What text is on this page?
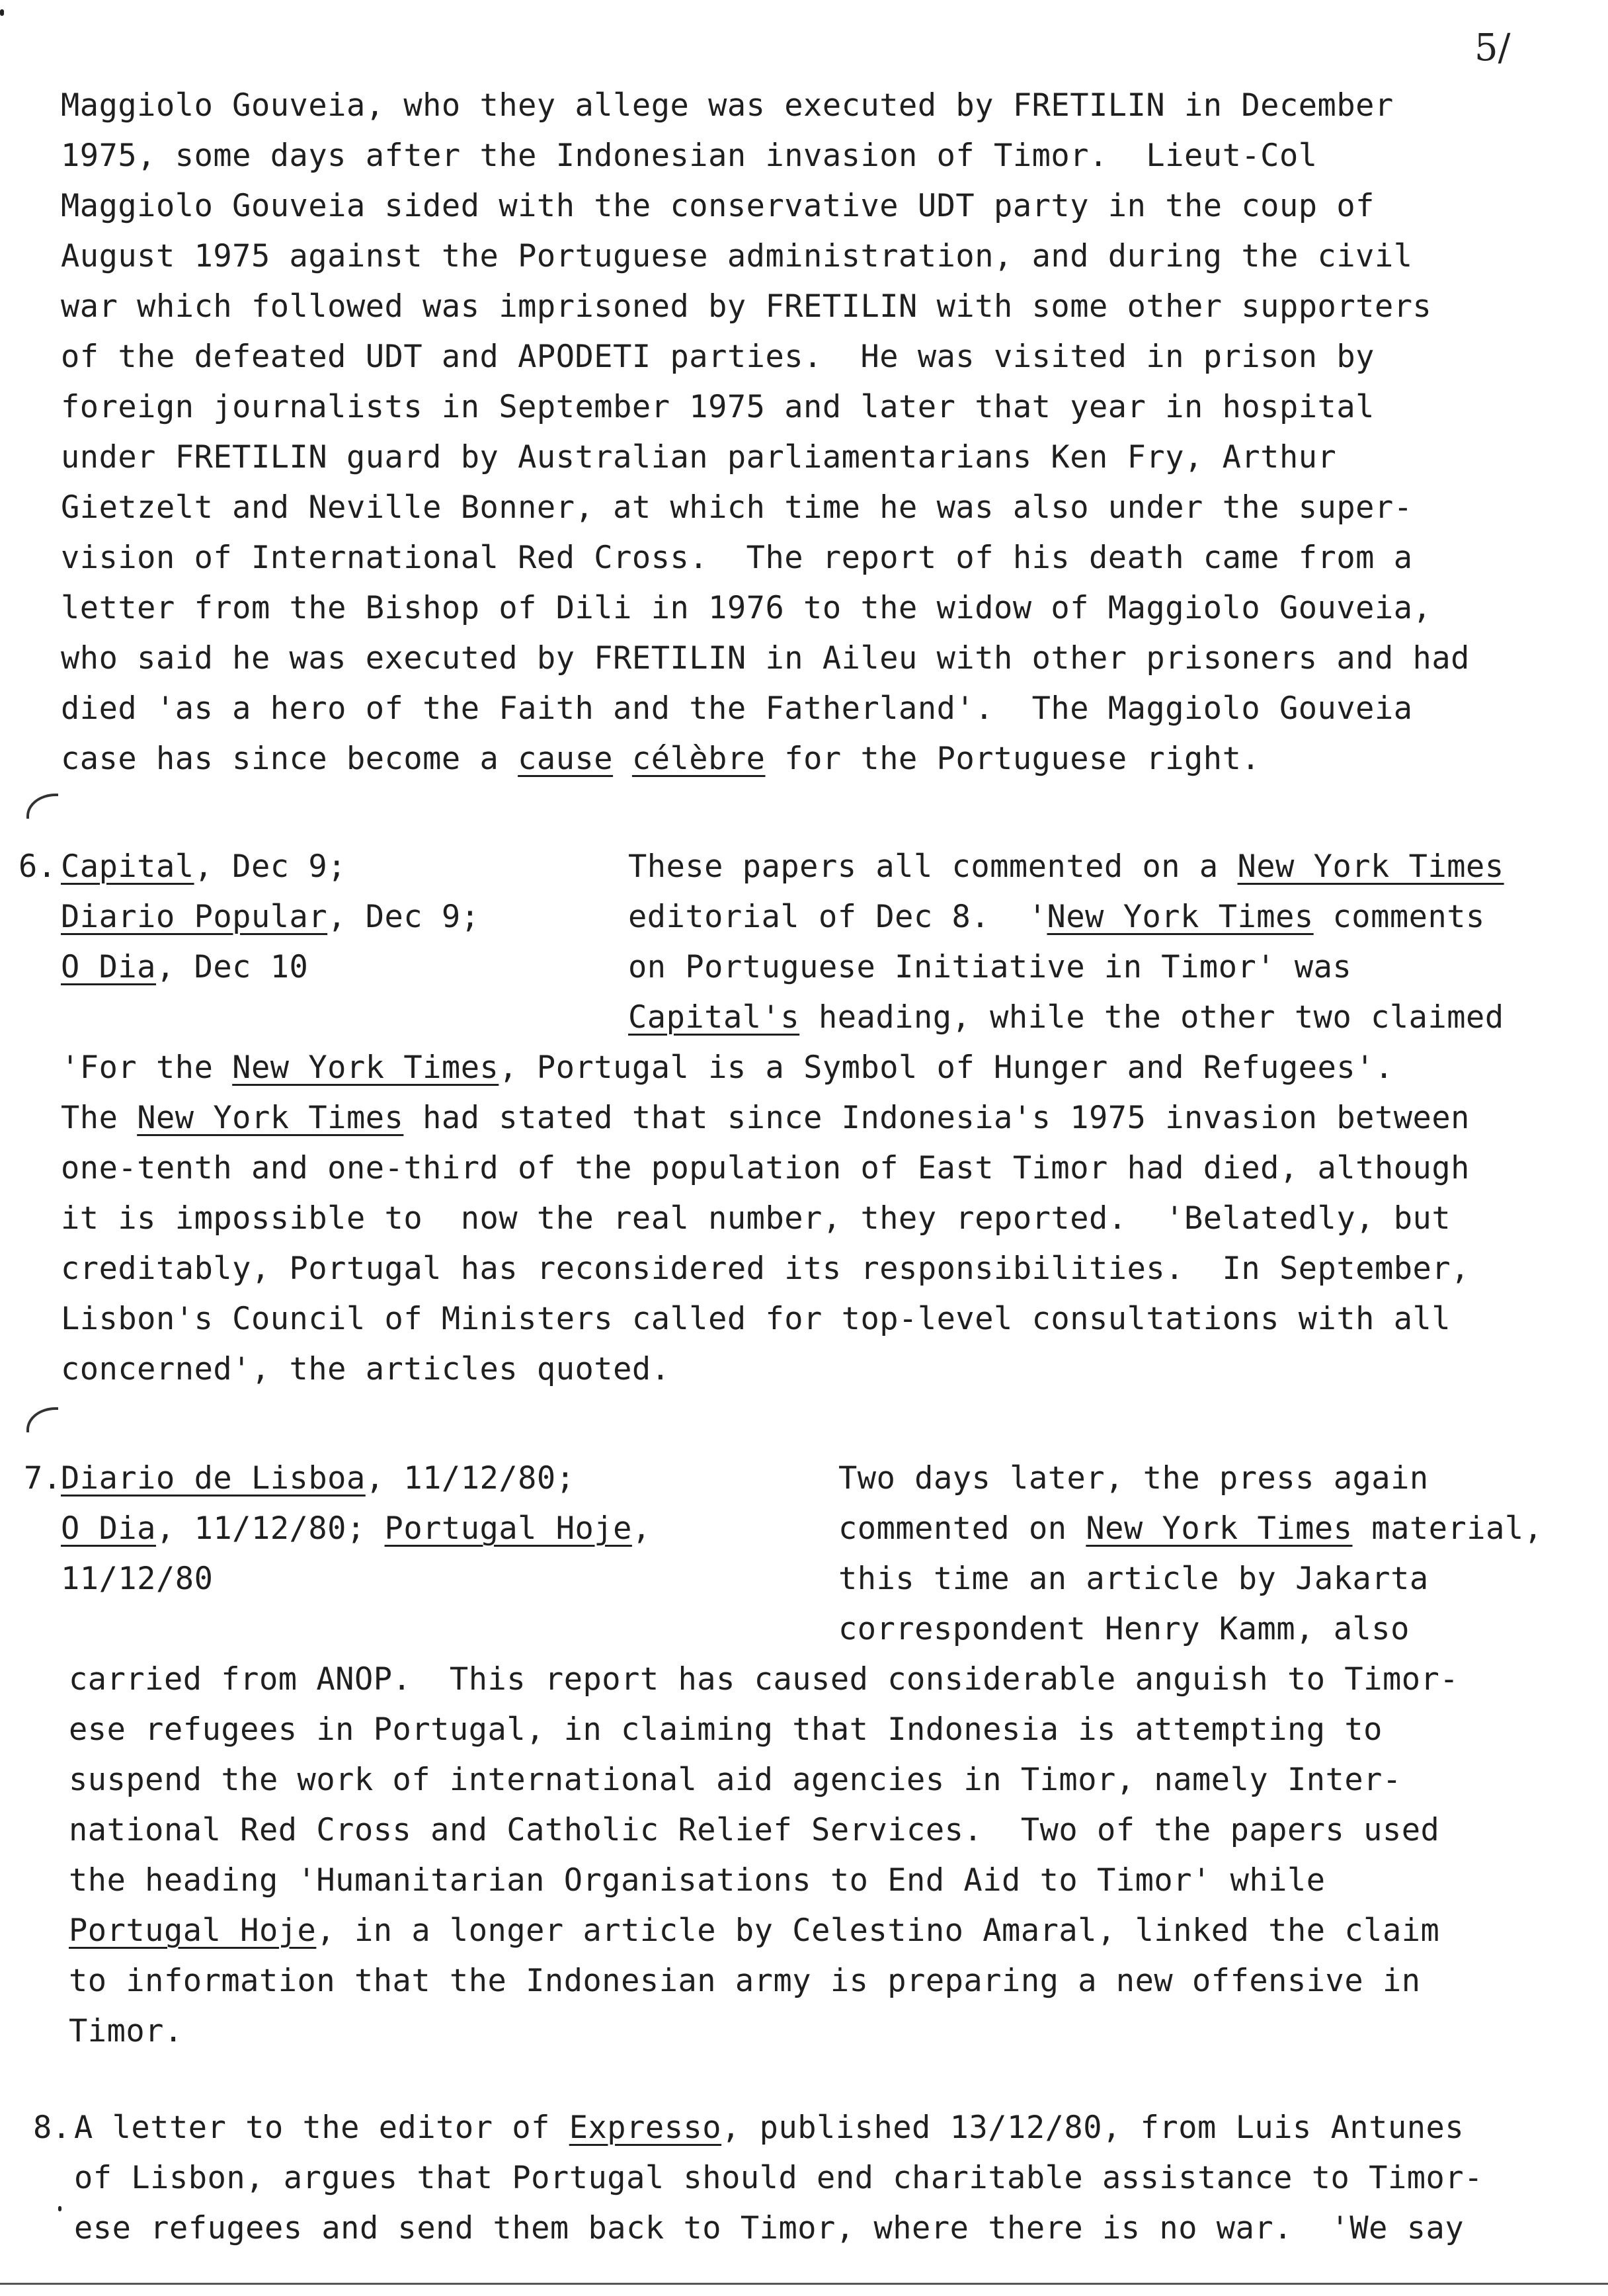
5/
Maggiolo Gouveia, who they allege was executed by FRETILIN in December
1975, some days after the Indonesian invasion of Timor.  Lieut-Col
Maggiolo Gouveia sided with the conservative UDT party in the coup of
August 1975 against the Portuguese administration, and during the civil
war which followed was imprisoned by FRETILIN with some other supporters
of the defeated UDT and APODETI parties.  He was visited in prison by
foreign journalists in September 1975 and later that year in hospital
under FRETILIN guard by Australian parliamentarians Ken Fry, Arthur
Gietzelt and Neville Bonner, at which time he was also under the super-
vision of International Red Cross.  The report of his death came from a
letter from the Bishop of Dili in 1976 to the widow of Maggiolo Gouveia,
who said he was executed by FRETILIN in Aileu with other prisoners and had
died 'as a hero of the Faith and the Fatherland'.  The Maggiolo Gouveia
case has since become a cause célèbre for the Portuguese right.
6. Capital, Dec 9;
Diario Popular, Dec 9;
O Dia, Dec 10
These papers all commented on a New York Times
editorial of Dec 8.  'New York Times comments
on Portuguese Initiative in Timor' was
Capital's heading, while the other two claimed
'For the New York Times, Portugal is a Symbol of Hunger and Refugees'.
The New York Times had stated that since Indonesia's 1975 invasion between
one-tenth and one-third of the population of East Timor had died, although
it is impossible to  now the real number, they reported.  'Belatedly, but
creditably, Portugal has reconsidered its responsibilities.  In September,
Lisbon's Council of Ministers called for top-level consultations with all
concerned', the articles quoted.
7.
Diario de Lisboa, 11/12/80;
O Dia, 11/12/80; Portugal Hoje,
11/12/80
Two days later, the press again
commented on New York Times material,
this time an article by Jakarta
correspondent Henry Kamm, also
carried from ANOP.  This report has caused considerable anguish to Timor-
ese refugees in Portugal, in claiming that Indonesia is attempting to
suspend the work of international aid agencies in Timor, namely Inter-
national Red Cross and Catholic Relief Services.  Two of the papers used
the heading 'Humanitarian Organisations to End Aid to Timor' while
Portugal Hoje, in a longer article by Celestino Amaral, linked the claim
to information that the Indonesian army is preparing a new offensive in
Timor.
8. A letter to the editor of Expresso, published 13/12/80, from Luis Antunes
of Lisbon, argues that Portugal should end charitable assistance to Timor-
ese refugees and send them back to Timor, where there is no war.  'We say
